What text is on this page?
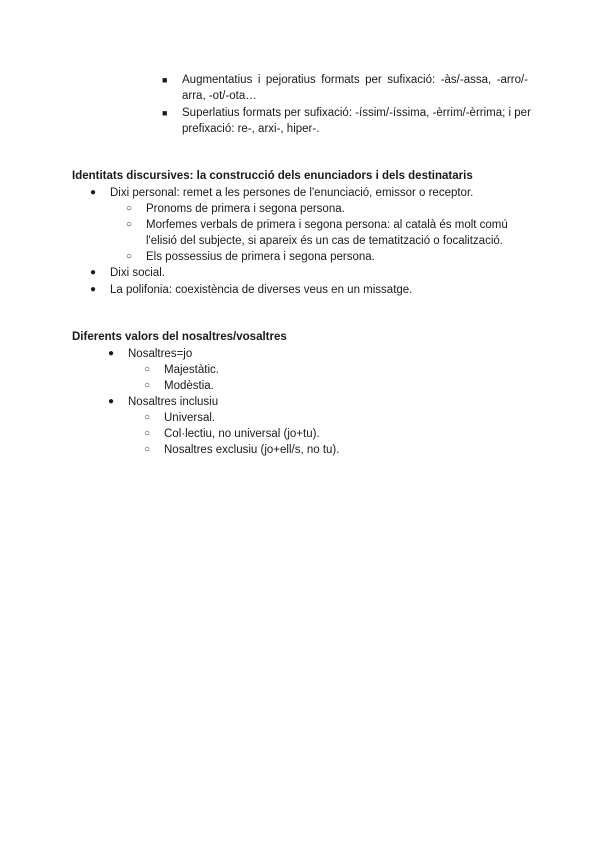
■ Augmentatius i pejoratius formats per sufixació: -às/-assa, -arro/-arra, -ot/-ota…
■ Superlatius formats per sufixació: -íssim/-íssima, -èrrim/-èrrima; i per prefixació: re-, arxi-, hiper-.
Identitats discursives: la construcció dels enunciadors i dels destinataris
● Dixi personal: remet a les persones de l'enunciació, emissor o receptor.
○ Pronoms de primera i segona persona.
○ Morfemes verbals de primera i segona persona: al català és molt comú l'elisió del subjecte, si apareix és un cas de tematització o focalització.
○ Els possessius de primera i segona persona.
● Dixi social.
● La polifonia: coexistència de diverses veus en un missatge.
Diferents valors del nosaltres/vosaltres
● Nosaltres=jo
○ Majestàtic.
○ Modèstia.
● Nosaltres inclusiu
○ Universal.
○ Col·lectiu, no universal (jo+tu).
○ Nosaltres exclusiu (jo+ell/s, no tu).
